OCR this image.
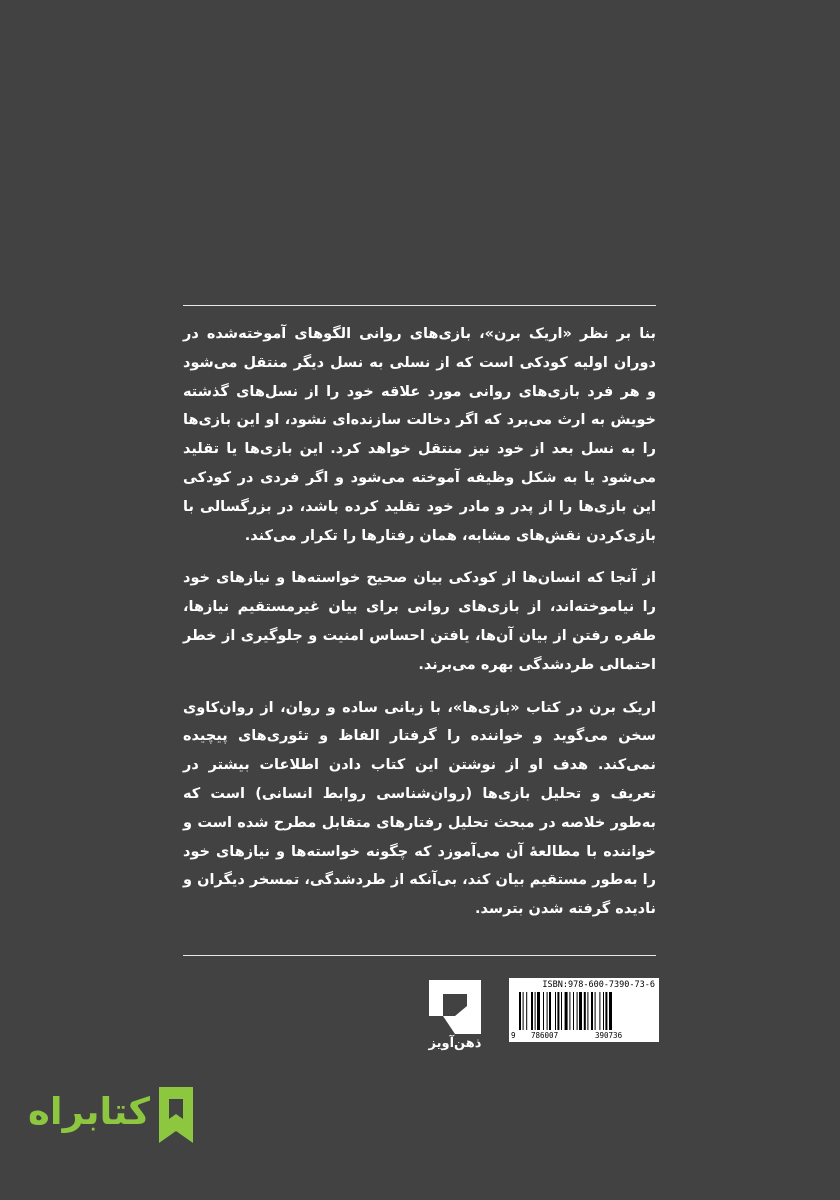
بنا بر نظر «اریک برن»، بازی‌های روانی الگوهای آموخته‌شده در دوران اولیه کودکی است که از نسلی به نسل دیگر منتقل می‌شود و هر فرد بازی‌های روانی مورد علاقه خود را از نسل‌های گذشته خویش به ارث می‌برد که اگر دخالت سازنده‌ای نشود، او این بازی‌ها را به نسل بعد از خود نیز منتقل خواهد کرد. این بازی‌ها یا تقلید می‌شود یا به شکل وظیفه آموخته می‌شود و اگر فردی در کودکی این بازی‌ها را از پدر و مادر خود تقلید کرده باشد، در بزرگسالی با بازی‌کردن نقش‌های مشابه، همان رفتارها را تکرار می‌کند.

از آنجا که انسان‌ها از کودکی بیان صحیح خواسته‌ها و نیازهای خود را نیاموخته‌اند، از بازی‌های روانی برای بیان غیرمستقیم نیازها، طفره رفتن از بیان آن‌ها، یافتن احساس امنیت و جلوگیری از خطر احتمالی طردشدگی بهره می‌برند.

اریک برن در کتاب «بازی‌ها»، با زبانی ساده و روان، از روان‌کاوی سخن می‌گوید و خواننده را گرفتار الفاظ و تئوری‌های پیچیده نمی‌کند. هدف او از نوشتن این کتاب دادن اطلاعات بیشتر در تعریف و تحلیل بازی‌ها (روان‌شناسی روابط انسانی) است که به‌طور خلاصه در مبحث تحلیل رفتارهای متقابل مطرح شده است و خواننده با مطالعهٔ آن می‌آموزد که چگونه خواسته‌ها و نیازهای خود را به‌طور مستقیم بیان کند، بی‌آنکه از طردشدگی، تمسخر دیگران و نادیده گرفته شدن بترسد.

ذهن‌آویز
ISBN:978-600-7390-73-6
9 786007	390736
کتابراه
